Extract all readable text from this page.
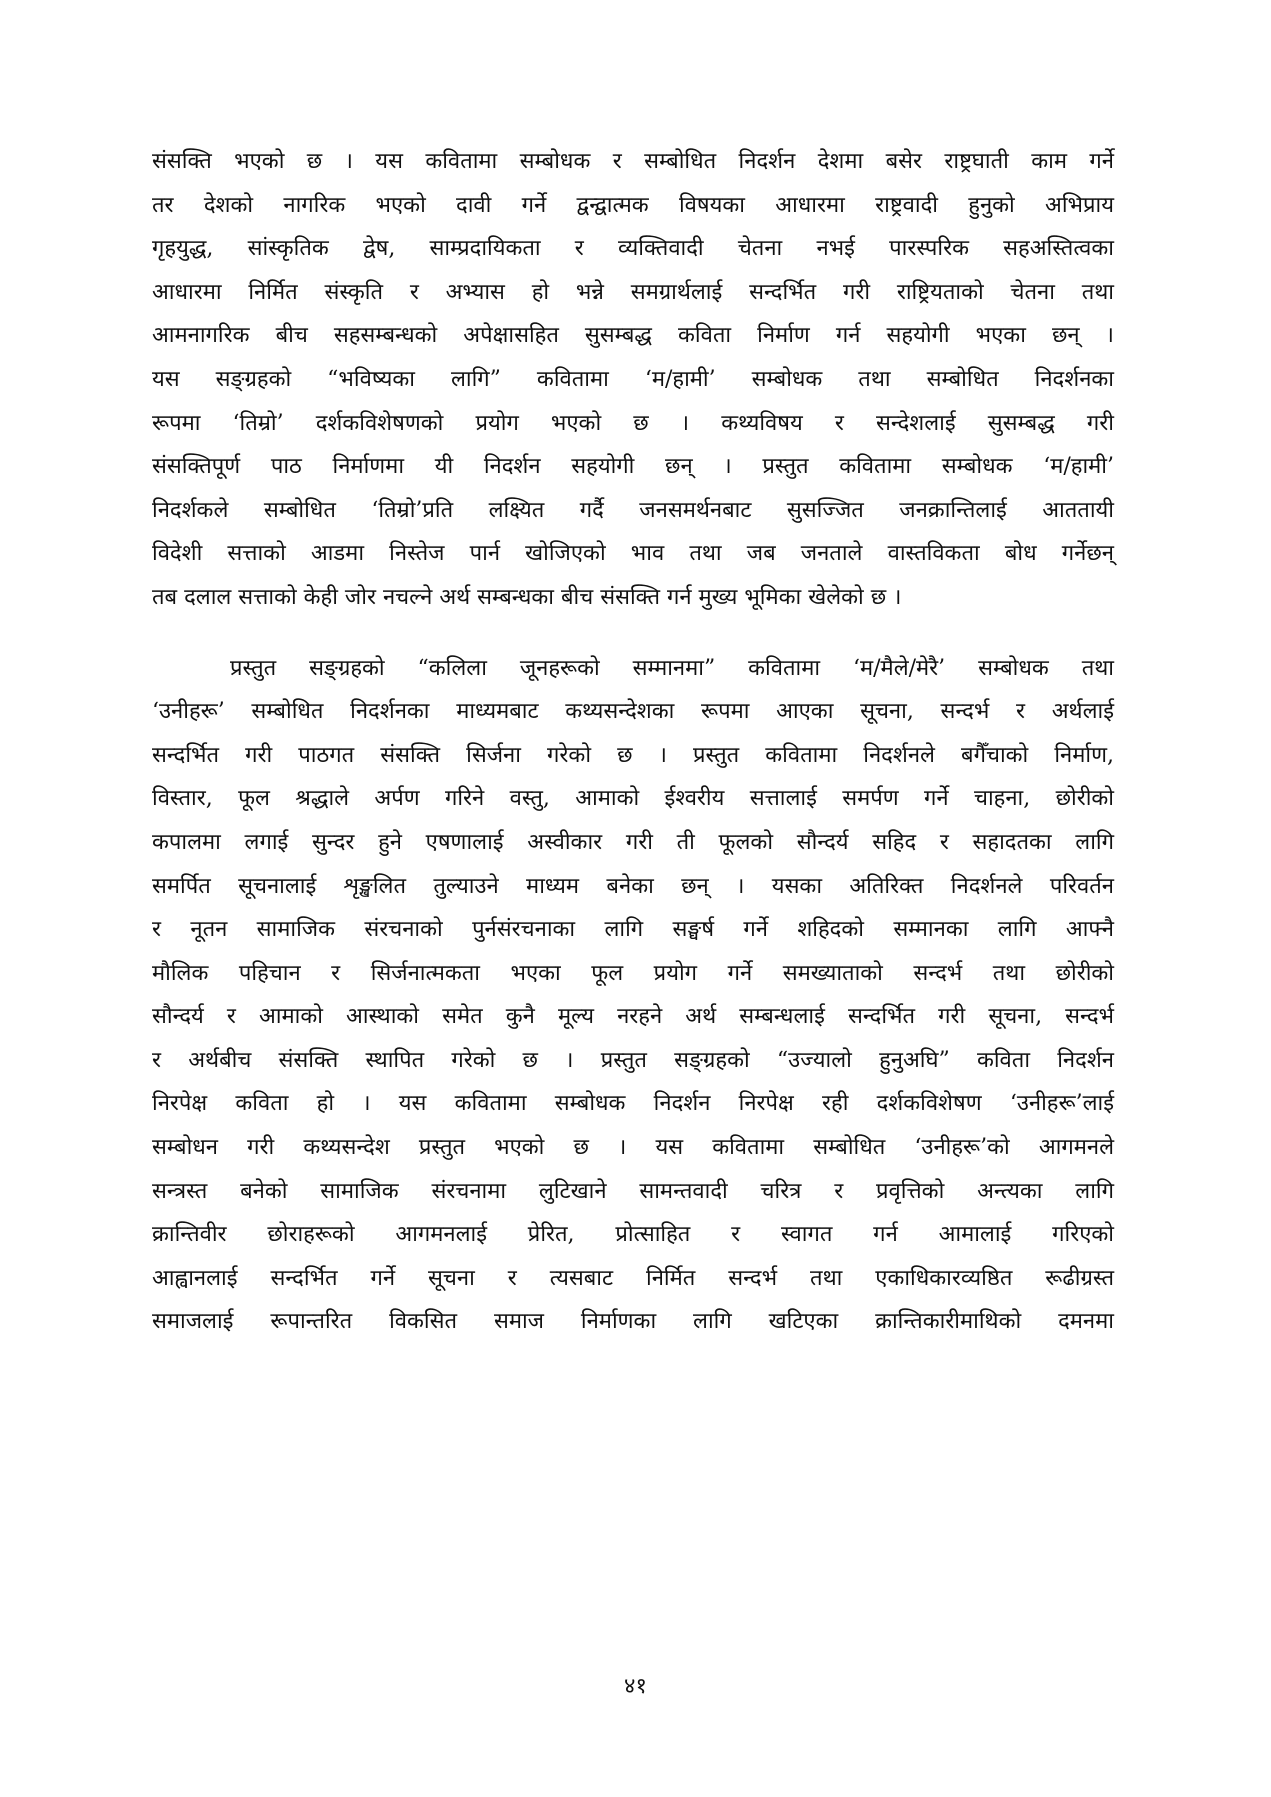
संसक्ति भएको छ । यस कवितामा सम्बोधक र सम्बोधित निदर्शन देशमा बसेर राष्ट्रघाती काम गर्ने
तर देशको नागरिक भएको दावी गर्ने द्वन्द्वात्मक विषयका आधारमा राष्ट्रवादी हुनुको अभिप्राय
गृहयुद्ध, सांस्कृतिक द्वेष, साम्प्रदायिकता र व्यक्तिवादी चेतना नभई पारस्परिक सहअस्तित्वका
आधारमा निर्मित संस्कृति र अभ्यास हो भन्ने समग्रार्थलाई सन्दर्भित गरी राष्ट्रियताको चेतना तथा
आमनागरिक बीच सहसम्बन्धको अपेक्षासहित सुसम्बद्ध कविता निर्माण गर्न सहयोगी भएका छन् ।
यस सङ्ग्रहको “भविष्यका लागि” कवितामा ‘म/हामी’ सम्बोधक तथा सम्बोधित निदर्शनका
रूपमा ‘तिम्रो’ दर्शकविशेषणको प्रयोग भएको छ । कथ्यविषय र सन्देशलाई सुसम्बद्ध गरी
संसक्तिपूर्ण पाठ निर्माणमा यी निदर्शन सहयोगी छन् । प्रस्तुत कवितामा सम्बोधक ‘म/हामी’
निदर्शकले सम्बोधित ‘तिम्रो’प्रति लक्ष्यित गर्दै जनसमर्थनबाट सुसज्जित जनक्रान्तिलाई आततायी
विदेशी सत्ताको आडमा निस्तेज पार्न खोजिएको भाव तथा जब जनताले वास्तविकता बोध गर्नेछन्
तब दलाल सत्ताको केही जोर नचल्ने अर्थ सम्बन्धका बीच संसक्ति गर्न मुख्य भूमिका खेलेको छ ।
प्रस्तुत सङ्ग्रहको “कलिला जूनहरूको सम्मानमा” कवितामा ‘म/मैले/मेरै’ सम्बोधक तथा
‘उनीहरू’ सम्बोधित निदर्शनका माध्यमबाट कथ्यसन्देशका रूपमा आएका सूचना, सन्दर्भ र अर्थलाई
सन्दर्भित गरी पाठगत संसक्ति सिर्जना गरेको छ । प्रस्तुत कवितामा निदर्शनले बगैँचाको निर्माण,
विस्तार, फूल श्रद्धाले अर्पण गरिने वस्तु, आमाको ईश्वरीय सत्तालाई समर्पण गर्ने चाहना, छोरीको
कपालमा लगाई सुन्दर हुने एषणालाई अस्वीकार गरी ती फूलको सौन्दर्य सहिद र सहादतका लागि
समर्पित सूचनालाई शृङ्खलित तुल्याउने माध्यम बनेका छन् । यसका अतिरिक्त निदर्शनले परिवर्तन
र नूतन सामाजिक संरचनाको पुर्नसंरचनाका लागि सङ्घर्ष गर्ने शहिदको सम्मानका लागि आफ्नै
मौलिक पहिचान र सिर्जनात्मकता भएका फूल प्रयोग गर्ने समख्याताको सन्दर्भ तथा छोरीको
सौन्दर्य र आमाको आस्थाको समेत कुनै मूल्य नरहने अर्थ सम्बन्धलाई सन्दर्भित गरी सूचना, सन्दर्भ
र अर्थबीच संसक्ति स्थापित गरेको छ । प्रस्तुत सङ्ग्रहको “उज्यालो हुनुअघि” कविता निदर्शन
निरपेक्ष कविता हो । यस कवितामा सम्बोधक निदर्शन निरपेक्ष रही दर्शकविशेषण ‘उनीहरू’लाई
सम्बोधन गरी कथ्यसन्देश प्रस्तुत भएको छ । यस कवितामा सम्बोधित ‘उनीहरू’को आगमनले
सन्त्रस्त बनेको सामाजिक संरचनामा लुटिखाने सामन्तवादी चरित्र र प्रवृत्तिको अन्त्यका लागि
क्रान्तिवीर छोराहरूको आगमनलाई प्रेरित, प्रोत्साहित र स्वागत गर्न आमालाई गरिएको
आह्वानलाई सन्दर्भित गर्ने सूचना र त्यसबाट निर्मित सन्दर्भ तथा एकाधिकारव्यष्ठित रूढीग्रस्त
समाजलाई रूपान्तरित विकसित समाज निर्माणका लागि खटिएका क्रान्तिकारीमाथिको दमनमा
४१
